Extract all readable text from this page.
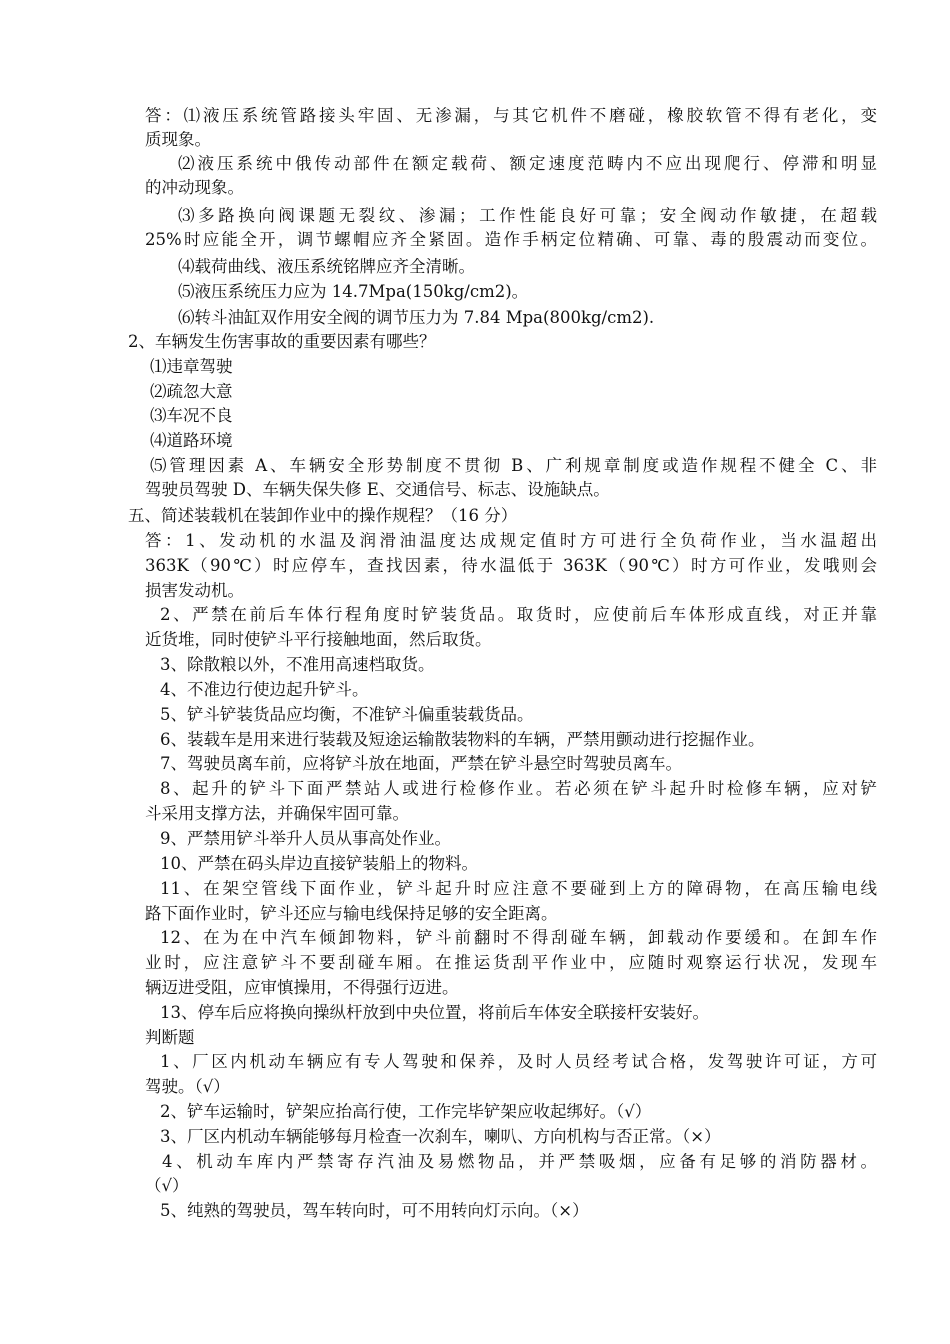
答：⑴液压系统管路接头牢固、无渗漏，与其它机件不磨碰，橡胶软管不得有老化，变
质现象。
⑵液压系统中俄传动部件在额定载荷、额定速度范畴内不应出现爬行、停滞和明显
的冲动现象。
⑶多路换向阀课题无裂纹、渗漏；工作性能良好可靠；安全阀动作敏捷，在超载
25%时应能全开，调节螺帽应齐全紧固。造作手柄定位精确、可靠、毒的殷震动而变位。
⑷载荷曲线、液压系统铭牌应齐全清晰。
⑸液压系统压力应为 14.7Mpa(150kg/cm2)。
⑹转斗油缸双作用安全阀的调节压力为 7.84 Mpa(800kg/cm2).
2、车辆发生伤害事故的重要因素有哪些？
⑴违章驾驶
⑵疏忽大意
⑶车况不良
⑷道路环境
⑸管理因素 A、车辆安全形势制度不贯彻 B、广利规章制度或造作规程不健全 C、非
驾驶员驾驶 D、车辆失保失修 E、交通信号、标志、设施缺点。
五、简述装载机在装卸作业中的操作规程？（16 分）
答：1、发动机的水温及润滑油温度达成规定值时方可进行全负荷作业，当水温超出
363K（90℃）时应停车，查找因素，待水温低于 363K（90℃）时方可作业，发哦则会
损害发动机。
2、严禁在前后车体行程角度时铲装货品。取货时，应使前后车体形成直线，对正并靠
近货堆，同时使铲斗平行接触地面，然后取货。
3、除散粮以外，不准用高速档取货。
4、不准边行使边起升铲斗。
5、铲斗铲装货品应均衡，不准铲斗偏重装载货品。
6、装载车是用来进行装载及短途运输散装物料的车辆，严禁用颤动进行挖掘作业。
7、驾驶员离车前，应将铲斗放在地面，严禁在铲斗悬空时驾驶员离车。
8、起升的铲斗下面严禁站人或进行检修作业。若必须在铲斗起升时检修车辆，应对铲
斗采用支撑方法，并确保牢固可靠。
9、严禁用铲斗举升人员从事高处作业。
10、严禁在码头岸边直接铲装船上的物料。
11、在架空管线下面作业，铲斗起升时应注意不要碰到上方的障碍物，在高压输电线
路下面作业时，铲斗还应与输电线保持足够的安全距离。
12、在为在中汽车倾卸物料，铲斗前翻时不得刮碰车辆，卸载动作要缓和。在卸车作
业时，应注意铲斗不要刮碰车厢。在推运货刮平作业中，应随时观察运行状况，发现车
辆迈进受阻，应审慎操用，不得强行迈进。
13、停车后应将换向操纵杆放到中央位置，将前后车体安全联接杆安装好。
判断题
1、厂区内机动车辆应有专人驾驶和保养，及时人员经考试合格，发驾驶许可证，方可
驾驶。（√）
2、铲车运输时，铲架应抬高行使，工作完毕铲架应收起绑好。（√）
3、厂区内机动车辆能够每月检查一次刹车，喇叭、方向机构与否正常。（×）
4、机动车库内严禁寄存汽油及易燃物品，并严禁吸烟，应备有足够的消防器材。
（√）
5、纯熟的驾驶员，驾车转向时，可不用转向灯示向。（×）
